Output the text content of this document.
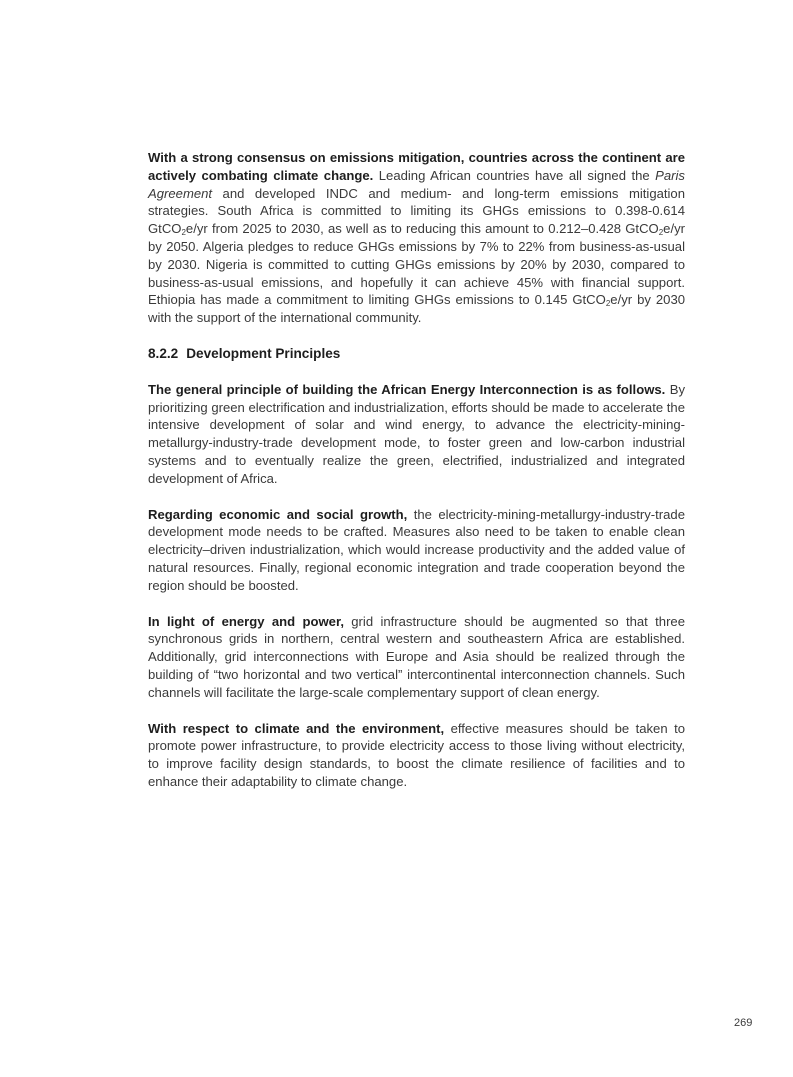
With a strong consensus on emissions mitigation, countries across the continent are actively combating climate change. Leading African countries have all signed the Paris Agreement and developed INDC and medium- and long-term emissions mitigation strategies. South Africa is committed to limiting its GHGs emissions to 0.398-0.614 GtCO$_2$e/yr from 2025 to 2030, as well as to reducing this amount to 0.212–0.428 GtCO$_2$e/yr by 2050. Algeria pledges to reduce GHGs emissions by 7% to 22% from business-as-usual by 2030. Nigeria is committed to cutting GHGs emissions by 20% by 2030, compared to business-as-usual emissions, and hopefully it can achieve 45% with financial support. Ethiopia has made a commitment to limiting GHGs emissions to 0.145 GtCO$_2$e/yr by 2030 with the support of the international community.

8.2.2 Development Principles

The general principle of building the African Energy Interconnection is as follows. By prioritizing green electrification and industrialization, efforts should be made to accelerate the intensive development of solar and wind energy, to advance the electricity-mining-metallurgy-industry-trade development mode, to foster green and low-carbon industrial systems and to eventually realize the green, electrified, industrialized and integrated development of Africa.

Regarding economic and social growth, the electricity-mining-metallurgy-industry-trade development mode needs to be crafted. Measures also need to be taken to enable clean electricity–driven industrialization, which would increase productivity and the added value of natural resources. Finally, regional economic integration and trade cooperation beyond the region should be boosted.

In light of energy and power, grid infrastructure should be augmented so that three synchronous grids in northern, central western and southeastern Africa are established. Additionally, grid interconnections with Europe and Asia should be realized through the building of “two horizontal and two vertical” intercontinental interconnection channels. Such channels will facilitate the large-scale complementary support of clean energy.

With respect to climate and the environment, effective measures should be taken to promote power infrastructure, to provide electricity access to those living without electricity, to improve facility design standards, to boost the climate resilience of facilities and to enhance their adaptability to climate change.

269
